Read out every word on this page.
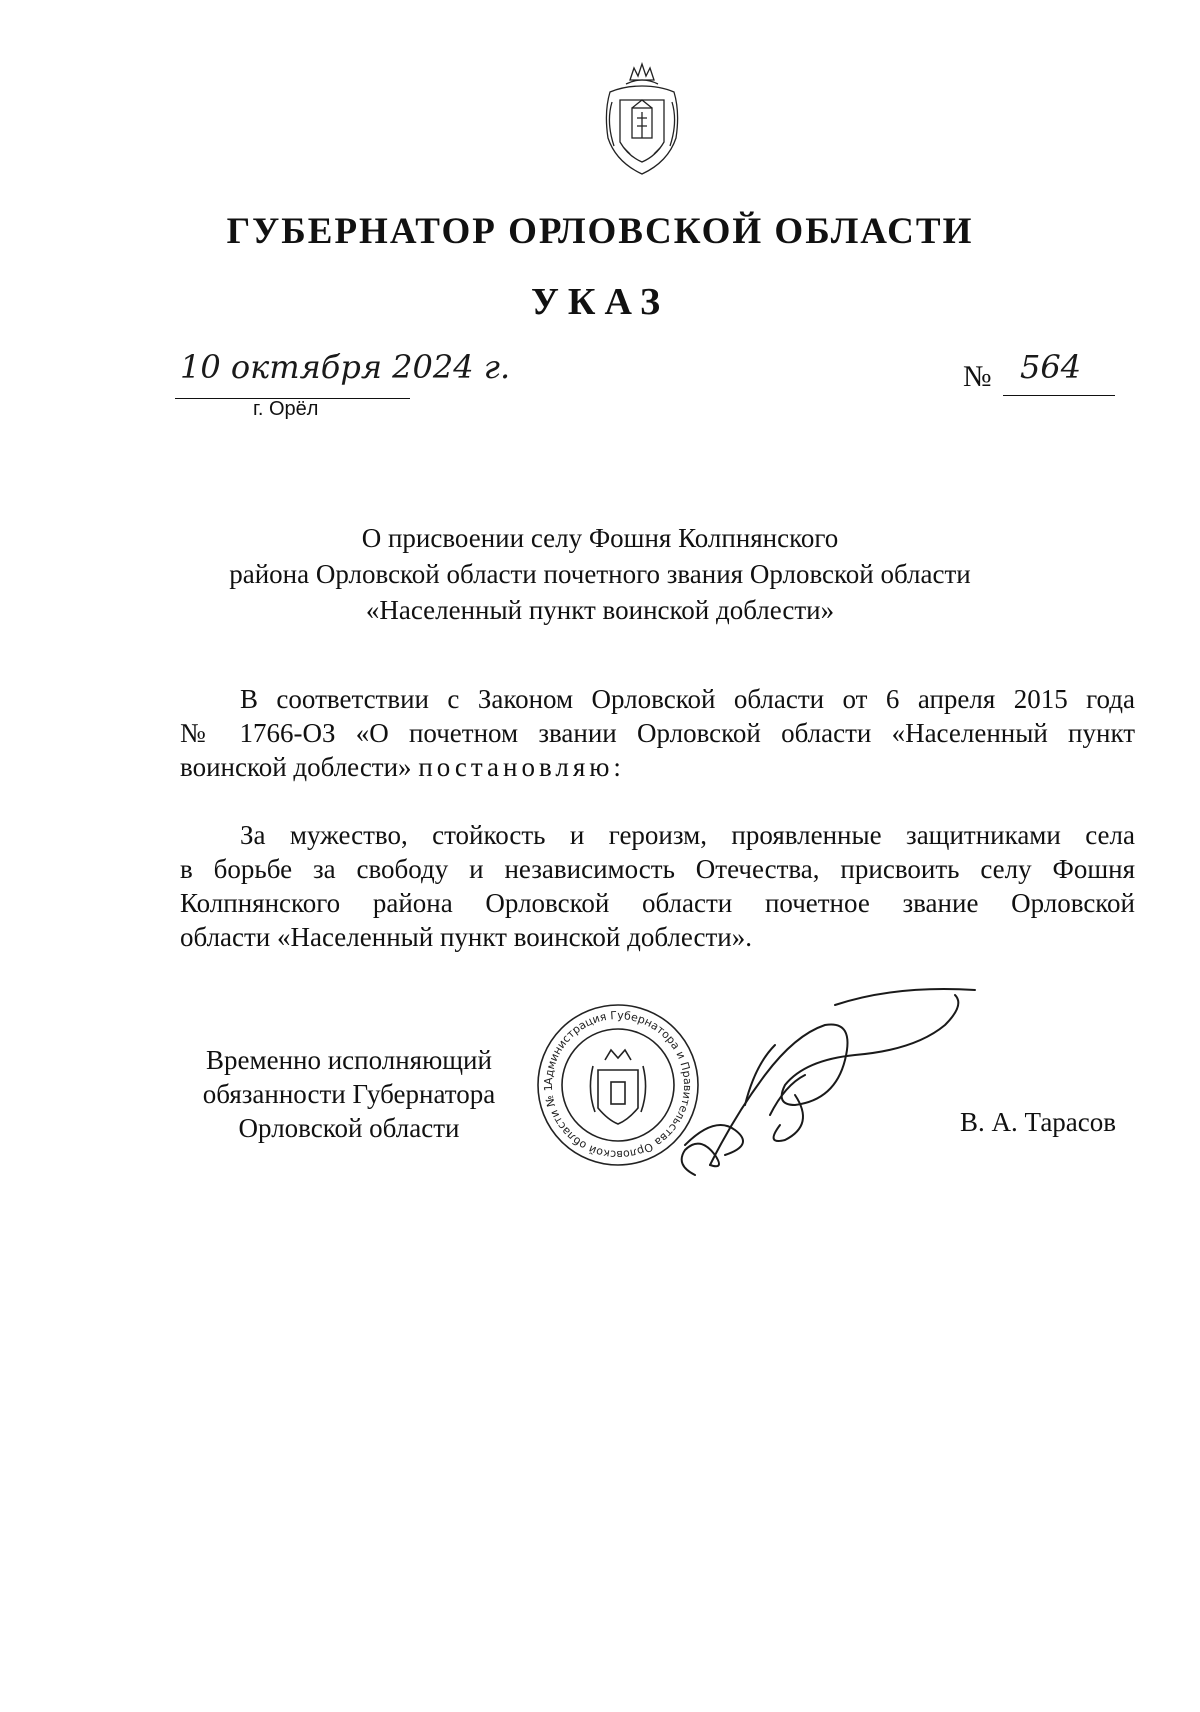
ГУБЕРНАТОР ОРЛОВСКОЙ ОБЛАСТИ
УКАЗ
10 октября 2024 г.
г. Орёл
№ 564
О присвоении селу Фошня Колпнянского
района Орловской области почетного звания Орловской области
«Населенный пункт воинской доблести»
В соответствии с Законом Орловской области от 6 апреля 2015 года
№ 1766-ОЗ «О почетном звании Орловской области «Населенный пункт
воинской доблести» постановляю:
За мужество, стойкость и героизм, проявленные защитниками села
в борьбе за свободу и независимость Отечества, присвоить селу Фошня
Колпнянского района Орловской области почетное звание Орловской
области «Населенный пункт воинской доблести».
Временно исполняющий
обязанности Губернатора
Орловской области
Администрация Губернатора и Правительства Орловской области № 1
В. А. Тарасов
